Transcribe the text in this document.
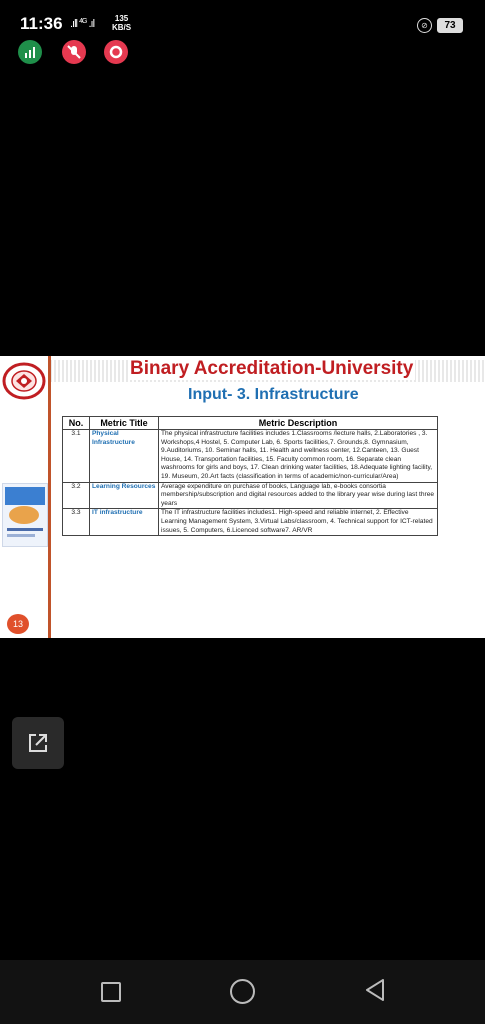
11:36 .ıll $^{4G}$ .ıl	135
KB/S	⊘	73
Binary Accreditation-University
Input- 3. Infrastructure
13
No.	Metric Title	Metric Description
3.1	Physical Infrastructure	The physical infrastructure facilities includes 1.Classrooms /lecture halls, 2.Laboratories , 3. Workshops,4 Hostel, 5. Computer Lab, 6. Sports facilities,7. Grounds,8. Gymnasium, 9.Auditoriums, 10. Seminar halls, 11. Health and wellness center, 12.Canteen, 13. Guest House, 14. Transportation facilities, 15. Faculty common room, 16. Separate clean washrooms for girls and boys, 17. Clean drinking water facilities, 18.Adequate lighting facility, 19. Museum, 20.Art facts (classification in terms of academic/non-curricular/Area)
3.2	Learning Resources	Average expenditure on purchase of books, Language lab, e-books consortia membership/subscription and digital resources added to the library year wise during last three years
3.3	IT infrastructure	The IT infrastructure facilities includes1. High-speed and reliable internet, 2. Effective Learning Management System, 3.Virtual Labs/classroom, 4. Technical support for ICT-related issues, 5. Computers, 6.Licenced software7. AR/VR
